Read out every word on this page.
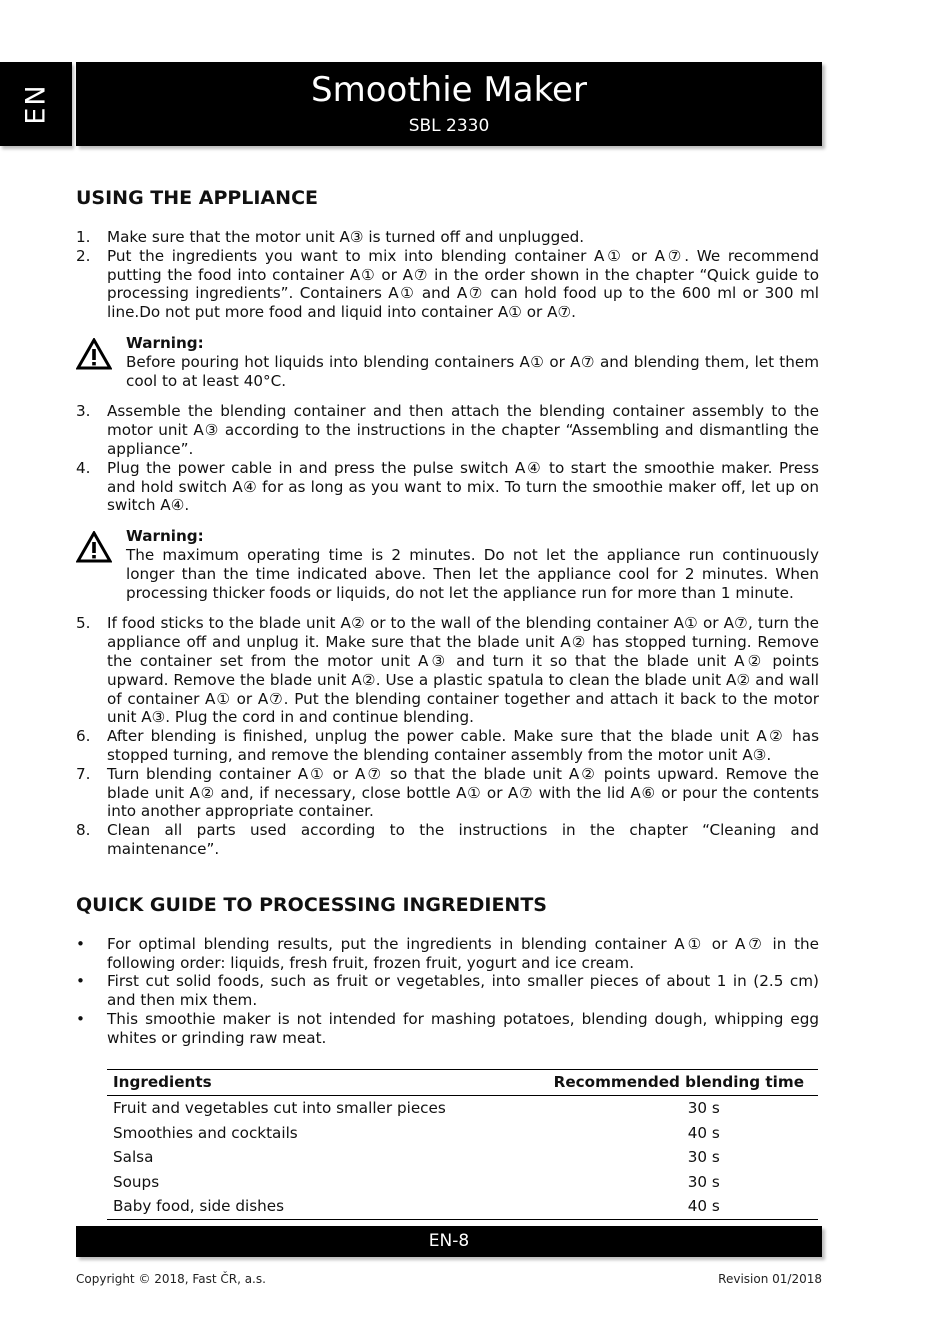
EN	Smoothie Maker
SBL 2330
USING THE APPLIANCE
1. Make sure that the motor unit A③ is turned off and unplugged.
2. Put the ingredients you want to mix into blending container A① or A⑦. We recommend putting the food into container A① or A⑦ in the order shown in the chapter “Quick guide to processing ingredients”. Containers A① and A⑦ can hold food up to the 600 ml or 300 ml line.Do not put more food and liquid into container A① or A⑦.
Warning:
Before pouring hot liquids into blending containers A① or A⑦ and blending them, let them cool to at least 40°C.
3. Assemble the blending container and then attach the blending container assembly to the motor unit A③ according to the instructions in the chapter “Assembling and dismantling the appliance”.
4. Plug the power cable in and press the pulse switch A④ to start the smoothie maker. Press and hold switch A④ for as long as you want to mix. To turn the smoothie maker off, let up on switch A④.
Warning:
The maximum operating time is 2 minutes. Do not let the appliance run continuously longer than the time indicated above. Then let the appliance cool for 2 minutes. When processing thicker foods or liquids, do not let the appliance run for more than 1 minute.
5. If food sticks to the blade unit A② or to the wall of the blending container A① or A⑦, turn the appliance off and unplug it. Make sure that the blade unit A② has stopped turning. Remove the container set from the motor unit A③ and turn it so that the blade unit A② points upward. Remove the blade unit A②. Use a plastic spatula to clean the blade unit A② and wall of container A① or A⑦. Put the blending container together and attach it back to the motor unit A③. Plug the cord in and continue blending.
6. After blending is finished, unplug the power cable. Make sure that the blade unit A② has stopped turning, and remove the blending container assembly from the motor unit A③.
7. Turn blending container A① or A⑦ so that the blade unit A② points upward. Remove the blade unit A② and, if necessary, close bottle A① or A⑦ with the lid A⑥ or pour the contents into another appropriate container.
8. Clean all parts used according to the instructions in the chapter “Cleaning and maintenance”.
QUICK GUIDE TO PROCESSING INGREDIENTS
• For optimal blending results, put the ingredients in blending container A① or A⑦ in the following order: liquids, fresh fruit, frozen fruit, yogurt and ice cream.
• First cut solid foods, such as fruit or vegetables, into smaller pieces of about 1 in (2.5 cm) and then mix them.
• This smoothie maker is not intended for mashing potatoes, blending dough, whipping egg whites or grinding raw meat.
Ingredients	Recommended blending time
Fruit and vegetables cut into smaller pieces	30 s
Smoothies and cocktails	40 s
Salsa	30 s
Soups	30 s
Baby food, side dishes	40 s
EN-8
Copyright © 2018, Fast ČR, a.s.	Revision 01/2018
